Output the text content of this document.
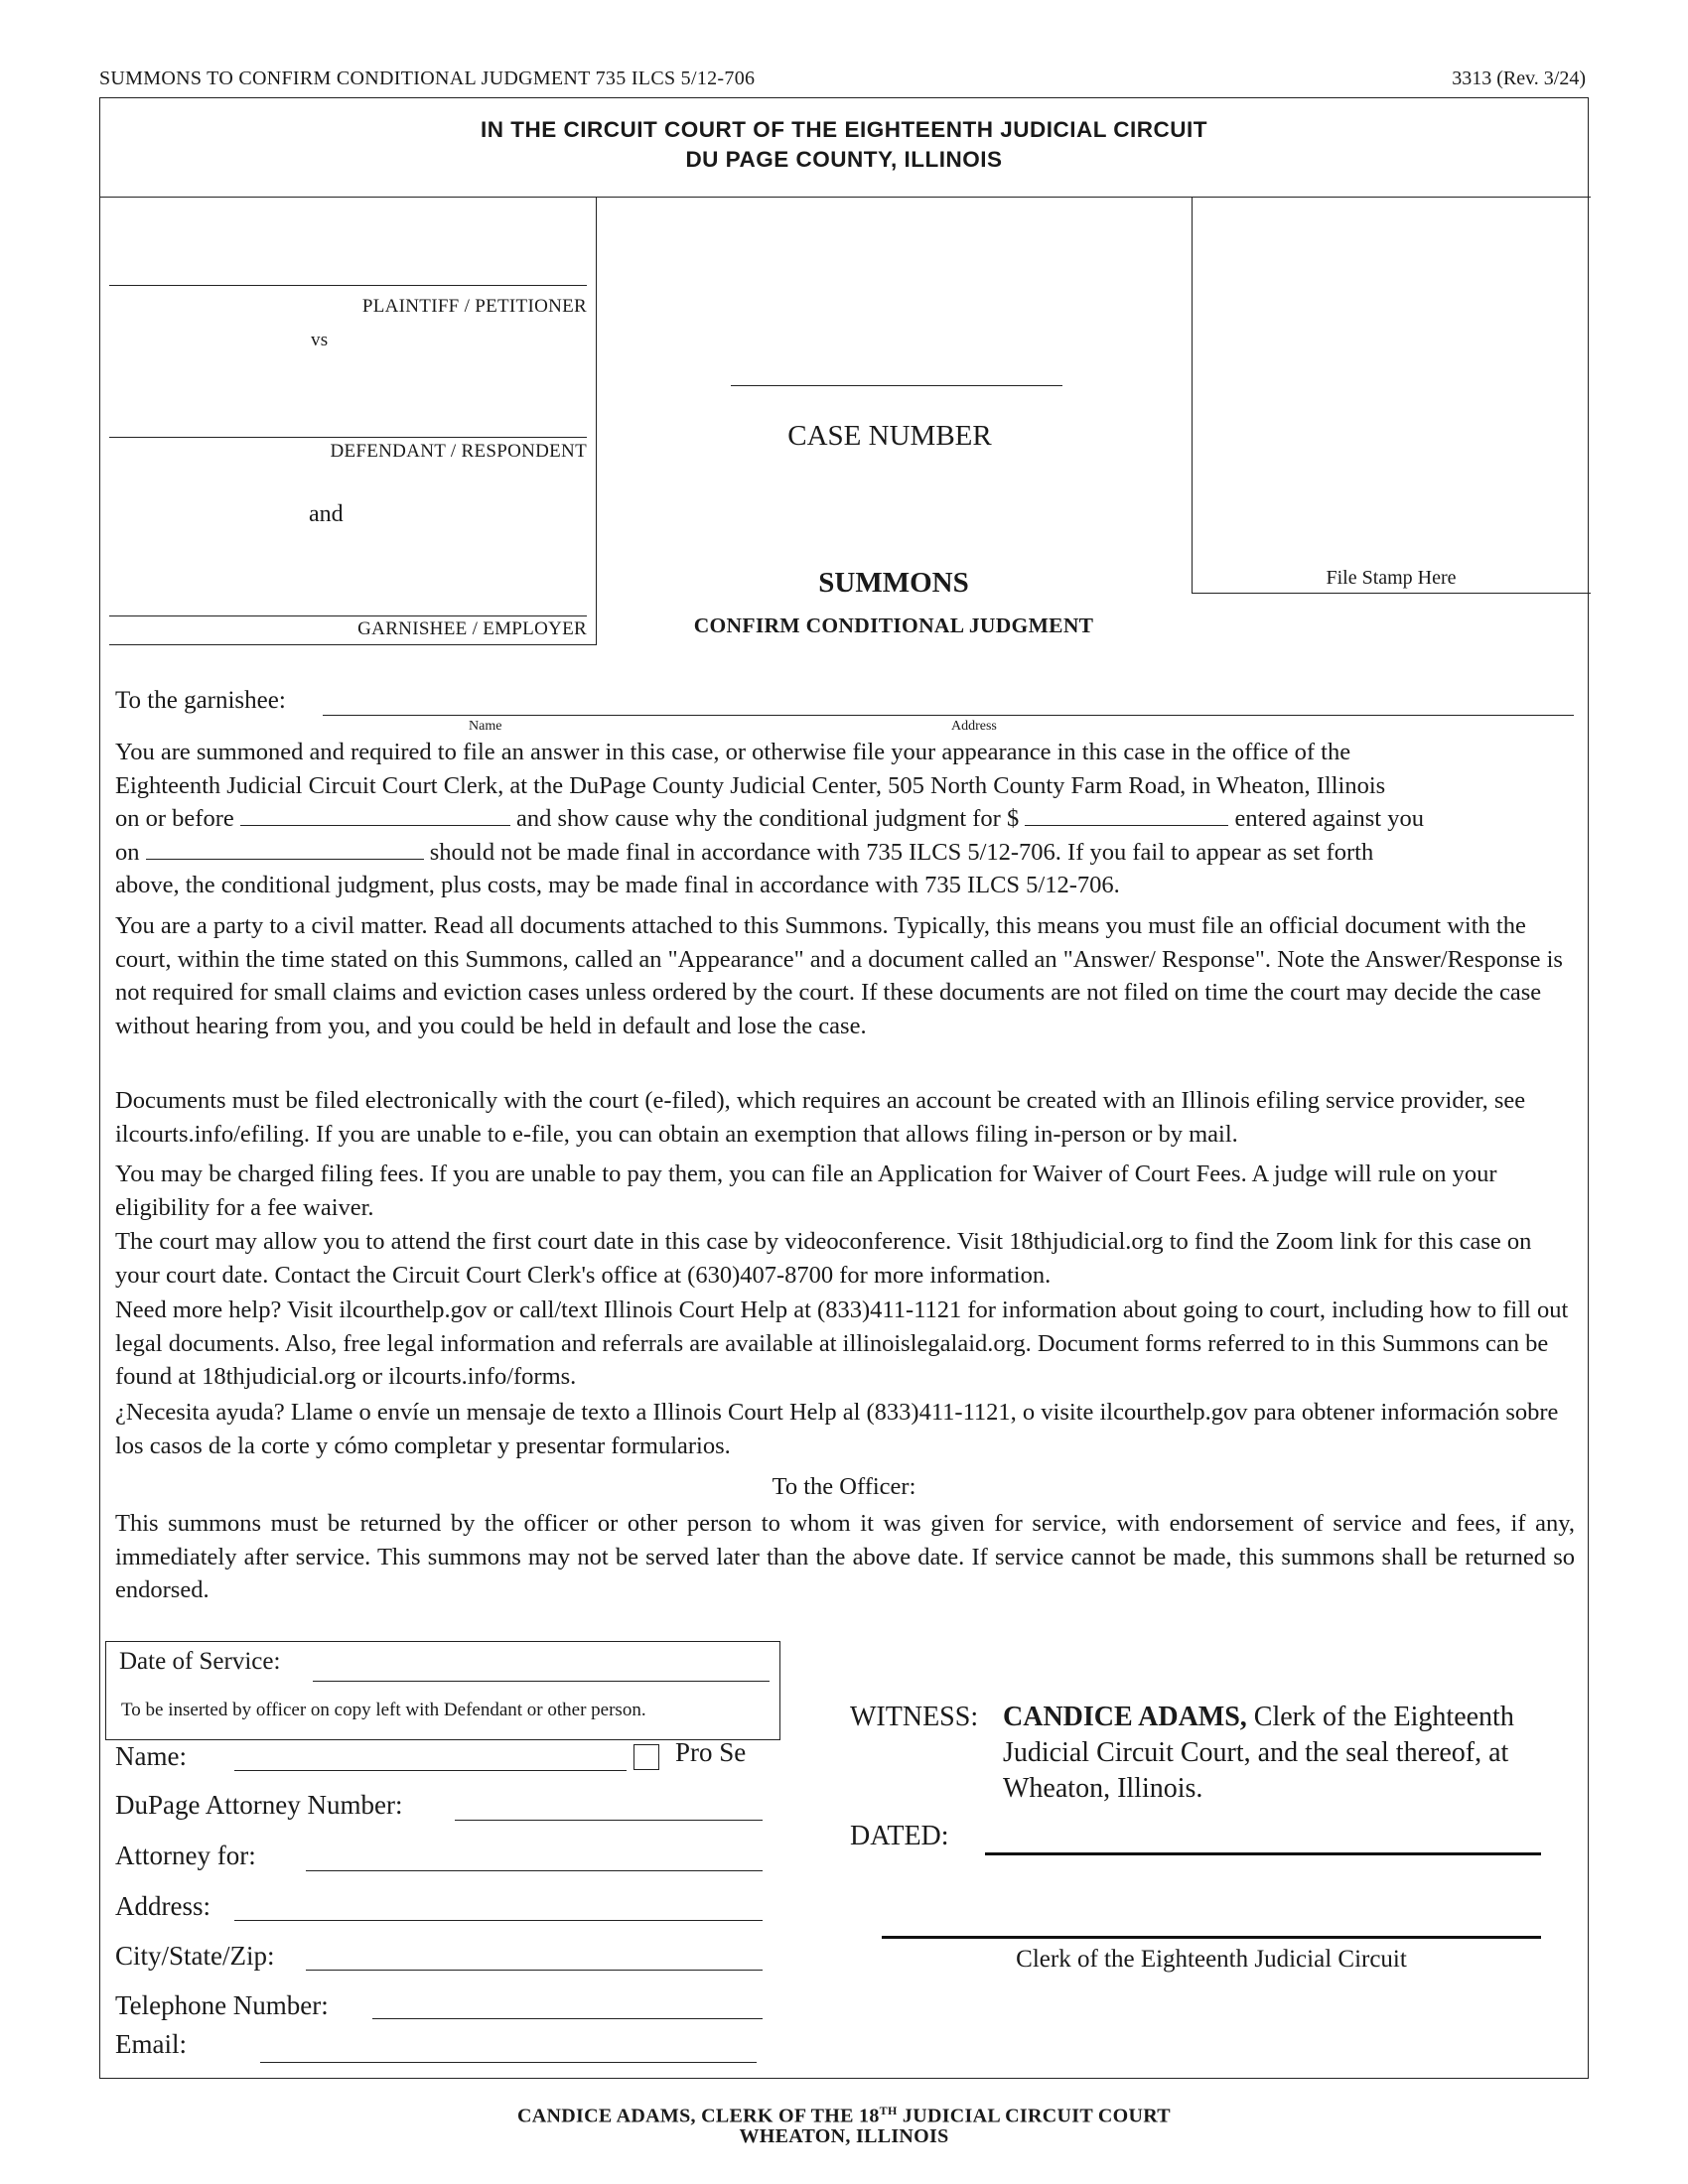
SUMMONS TO CONFIRM CONDITIONAL JUDGMENT 735 ILCS 5/12-706	3313 (Rev. 3/24)
IN THE CIRCUIT COURT OF THE EIGHTEENTH JUDICIAL CIRCUIT
DU PAGE COUNTY, ILLINOIS
PLAINTIFF / PETITIONER
vs
DEFENDANT / RESPONDENT
and
GARNISHEE / EMPLOYER
CASE NUMBER
SUMMONS
CONFIRM CONDITIONAL JUDGMENT
File Stamp Here
To the garnishee:
Name	Address
You are summoned and required to file an answer in this case, or otherwise file your appearance in this case in the office of the
Eighteenth Judicial Circuit Court Clerk, at the DuPage County Judicial Center, 505 North County Farm Road, in Wheaton, Illinois
on or before	and show cause why the conditional judgment for $	entered against you
on	should not be made final in accordance with 735 ILCS 5/12-706. If you fail to appear as set forth
above, the conditional judgment, plus costs, may be made final in accordance with 735 ILCS 5/12-706.
You are a party to a civil matter. Read all documents attached to this Summons. Typically, this means you must file an official document with the court, within the time stated on this Summons, called an "Appearance" and a document called an "Answer/ Response". Note the Answer/Response is not required for small claims and eviction cases unless ordered by the court. If these documents are not filed on time the court may decide the case without hearing from you, and you could be held in default and lose the case.
Documents must be filed electronically with the court (e-filed), which requires an account be created with an Illinois efiling service provider, see ilcourts.info/efiling. If you are unable to e-file, you can obtain an exemption that allows filing in-person or by mail.
You may be charged filing fees. If you are unable to pay them, you can file an Application for Waiver of Court Fees. A judge will rule on your eligibility for a fee waiver.
The court may allow you to attend the first court date in this case by videoconference. Visit 18thjudicial.org to find the Zoom link for this case on your court date. Contact the Circuit Court Clerk's office at (630)407-8700 for more information.
Need more help? Visit ilcourthelp.gov or call/text Illinois Court Help at (833)411-1121 for information about going to court, including how to fill out legal documents. Also, free legal information and referrals are available at illinoislegalaid.org. Document forms referred to in this Summons can be found at 18thjudicial.org or ilcourts.info/forms.
¿Necesita ayuda? Llame o envíe un mensaje de texto a Illinois Court Help al (833)411-1121, o visite ilcourthelp.gov para obtener información sobre los casos de la corte y cómo completar y presentar formularios.
To the Officer:
This summons must be returned by the officer or other person to whom it was given for service, with endorsement of service and fees, if any, immediately after service. This summons may not be served later than the above date. If service cannot be made, this summons shall be returned so endorsed.
Date of Service:
To be inserted by officer on copy left with Defendant or other person.
Name:	Pro Se
DuPage Attorney Number:
Attorney for:
Address:
City/State/Zip:
Telephone Number:
Email:
WITNESS: CANDICE ADAMS, Clerk of the Eighteenth
Judicial Circuit Court, and the seal thereof, at
Wheaton, Illinois.
DATED:
Clerk of the Eighteenth Judicial Circuit
CANDICE ADAMS, CLERK OF THE 18TH JUDICIAL CIRCUIT COURT
WHEATON, ILLINOIS
